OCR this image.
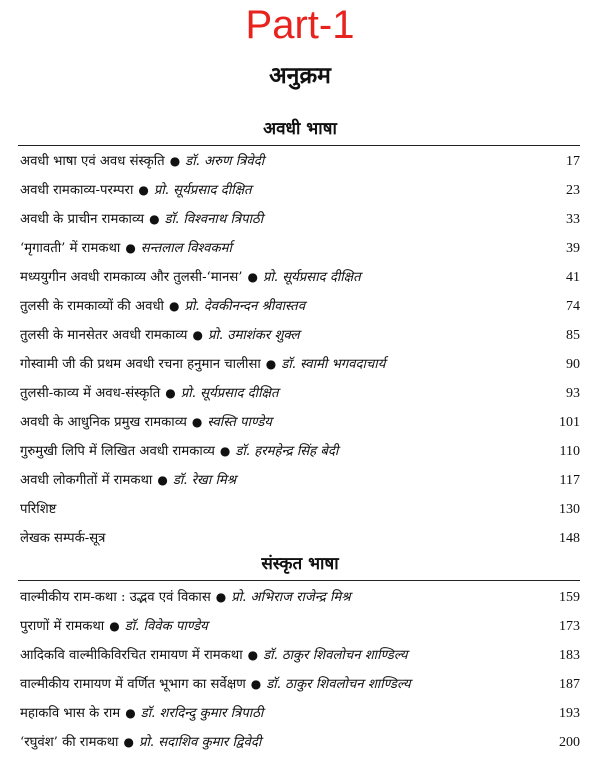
Part-1
अनुक्रम
अवधी भाषा
अवधी भाषा एवं अवध संस्कृति ● डॉ. अरुण त्रिवेदी	17
अवधी रामकाव्य-परम्परा ● प्रो. सूर्यप्रसाद दीक्षित	23
अवधी के प्राचीन रामकाव्य ● डॉ. विश्वनाथ त्रिपाठी	33
‘मृगावती’ में रामकथा ● सन्तलाल विश्वकर्मा	39
मध्ययुगीन अवधी रामकाव्य और तुलसी-‘मानस’ ● प्रो. सूर्यप्रसाद दीक्षित	41
तुलसी के रामकाव्यों की अवधी ● प्रो. देवकीनन्दन श्रीवास्तव	74
तुलसी के मानसेतर अवधी रामकाव्य ● प्रो. उमाशंकर शुक्ल	85
गोस्वामी जी की प्रथम अवधी रचना हनुमान चालीसा ● डॉ. स्वामी भगवदाचार्य	90
तुलसी-काव्य में अवध-संस्कृति ● प्रो. सूर्यप्रसाद दीक्षित	93
अवधी के आधुनिक प्रमुख रामकाव्य ● स्वस्ति पाण्डेय	101
गुरुमुखी लिपि में लिखित अवधी रामकाव्य ● डॉ. हरमहेन्द्र सिंह बेदी	110
अवधी लोकगीतों में रामकथा ● डॉ. रेखा मिश्र	117
परिशिष्ट	130
लेखक सम्पर्क-सूत्र	148
संस्कृत भाषा
वाल्मीकीय राम-कथा : उद्भव एवं विकास ● प्रो. अभिराज राजेन्द्र मिश्र	159
पुराणों में रामकथा ● डॉ. विवेक पाण्डेय	173
आदिकवि वाल्मीकिविरचित रामायण में रामकथा ● डॉ. ठाकुर शिवलोचन शाण्डिल्य	183
वाल्मीकीय रामायण में वर्णित भूभाग का सर्वेक्षण ● डॉ. ठाकुर शिवलोचन शाण्डिल्य	187
महाकवि भास के राम ● डॉ. शरदिन्दु कुमार त्रिपाठी	193
‘रघुवंश’ की रामकथा ● प्रो. सदाशिव कुमार द्विवेदी	200
